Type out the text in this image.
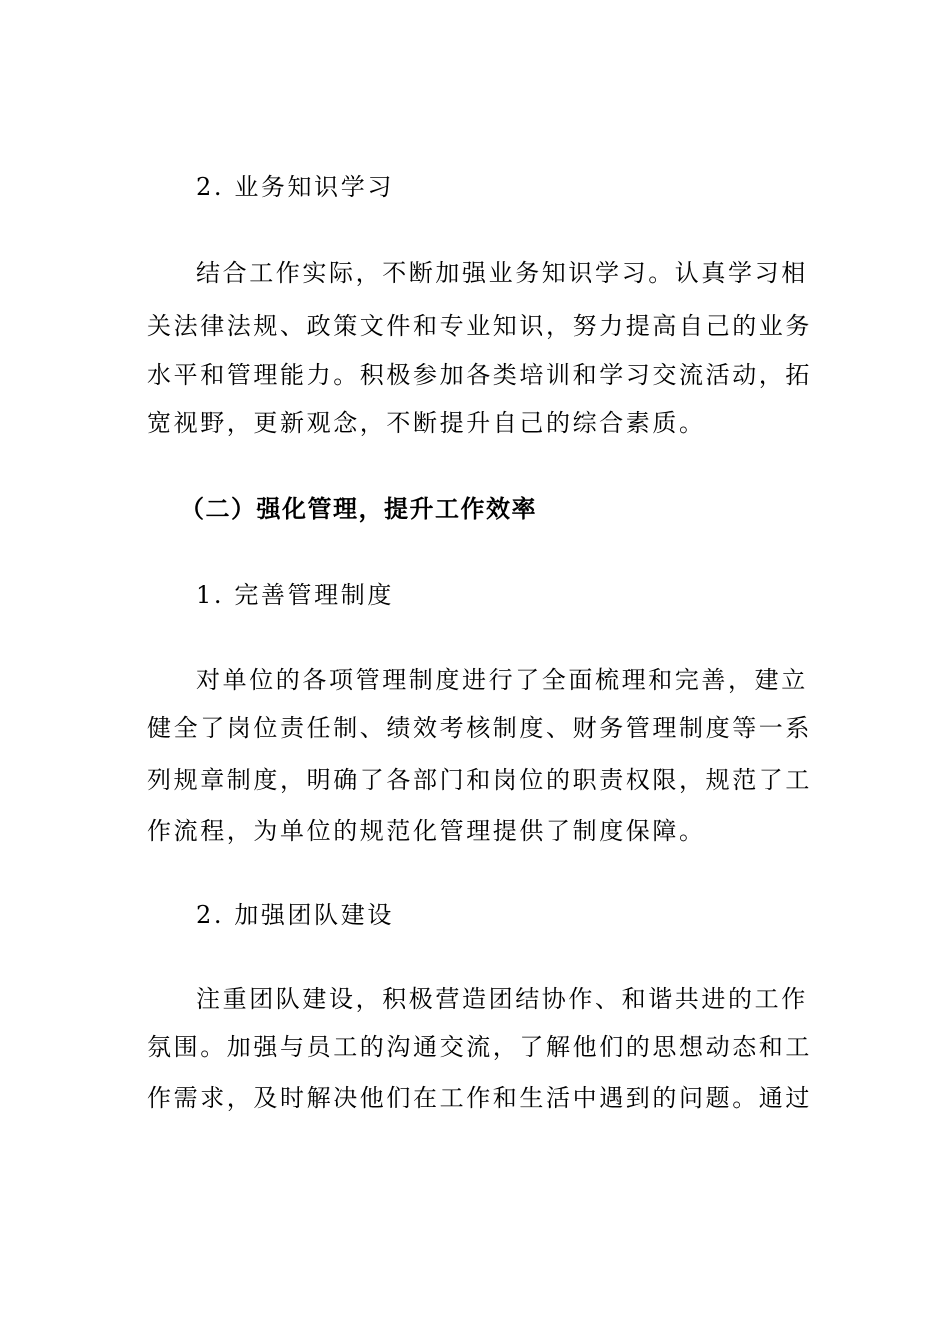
2. 业务知识学习
结合工作实际，不断加强业务知识学习。认真学习相
关法律法规、政策文件和专业知识，努力提高自己的业务
水平和管理能力。积极参加各类培训和学习交流活动，拓
宽视野，更新观念，不断提升自己的综合素质。
（二）强化管理，提升工作效率
1. 完善管理制度
对单位的各项管理制度进行了全面梳理和完善，建立
健全了岗位责任制、绩效考核制度、财务管理制度等一系
列规章制度，明确了各部门和岗位的职责权限，规范了工
作流程，为单位的规范化管理提供了制度保障。
2. 加强团队建设
注重团队建设，积极营造团结协作、和谐共进的工作
氛围。加强与员工的沟通交流，了解他们的思想动态和工
作需求，及时解决他们在工作和生活中遇到的问题。通过
